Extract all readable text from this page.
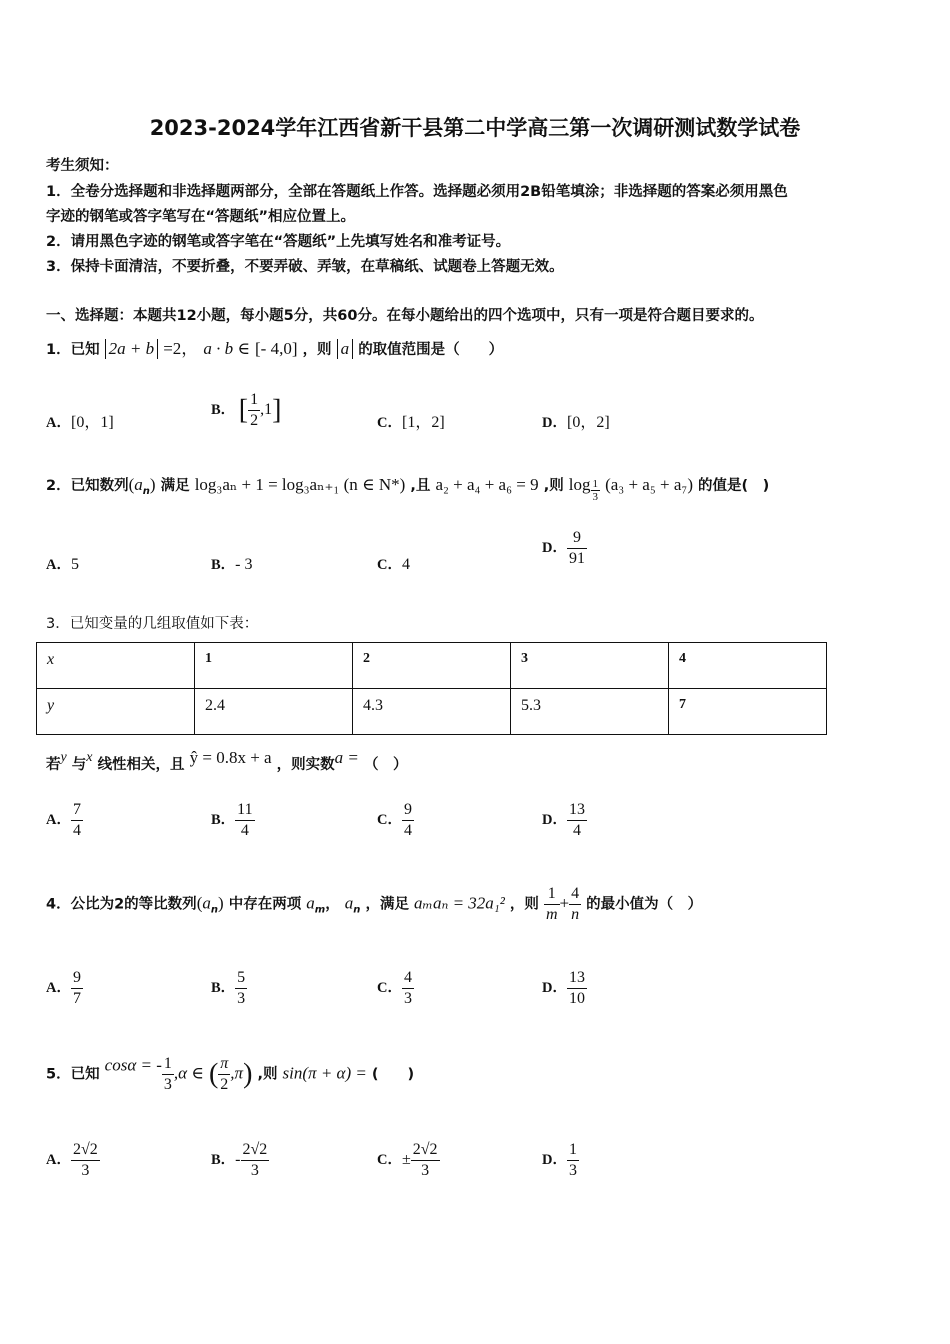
2023-2024学年江西省新干县第二中学高三第一次调研测试数学试卷
考生须知：
1．全卷分选择题和非选择题两部分，全部在答题纸上作答。选择题必须用2B铅笔填涂；非选择题的答案必须用黑色
字迹的钢笔或答字笔写在“答题纸”相应位置上。
2．请用黑色字迹的钢笔或答字笔在“答题纸”上先填写姓名和准考证号。
3．保持卡面清洁，不要折叠，不要弄破、弄皱，在草稿纸、试题卷上答题无效。
一、选择题：本题共12小题，每小题5分，共60分。在每小题给出的四个选项中，只有一项是符合题目要求的。
1．已知 2a + b =2， a · b ∈ [- 4,0] ，则 a 的取值范围是（　　）
A．[0，1]
B． [ $\frac{1}{2} ,1$]	C．[1，2]	D．[0，2]
2．已知数列$(a_n)$ 满足 log₃aₙ + 1 = log₃aₙ₊₁ (n ∈ N*) ,且 a₂ + a₄ + a₆ = 9 ,则 $\log \frac{1}{3} (a_3 + a_5 + a_7)$ 的值是(　)
A．5	B．- 3	C．4
D． $\frac{9}{91}$
3．已知变量的几组取值如下表：
x	1	2	3	4
y	2.4	4.3	5.3	7
若y 与x 线性相关，且 ŷ = 0.8x + a ，则实数a = （　）
A． $\frac{7}{4}$	B． $\frac{11}{4}$	C． $\frac{9}{4}$	D． $\frac{13}{4}$
4．公比为2的等比数列$(a_n)$ 中存在两项 $a_m$， $a_n$ ，满足 aₘaₙ = 32a₁² ，则 $\frac{1}{m} + \frac{4}{n}$ 的最小值为（　）
A． $\frac{9}{7}$	B． $\frac{5}{3}$	C． $\frac{4}{3}$	D． $\frac{13}{10}$
5．已知 cosα = - $\frac{1}{3} ,\alpha$ ∈ ( $\frac{\pi}{2} ,\pi$) ,则 sin(π + α) = (　　)
A． $\frac{2√2}{3}$	B．- $\frac{2√2}{3}$	C．± $\frac{2√2}{3}$	D． $\frac{1}{3}$
